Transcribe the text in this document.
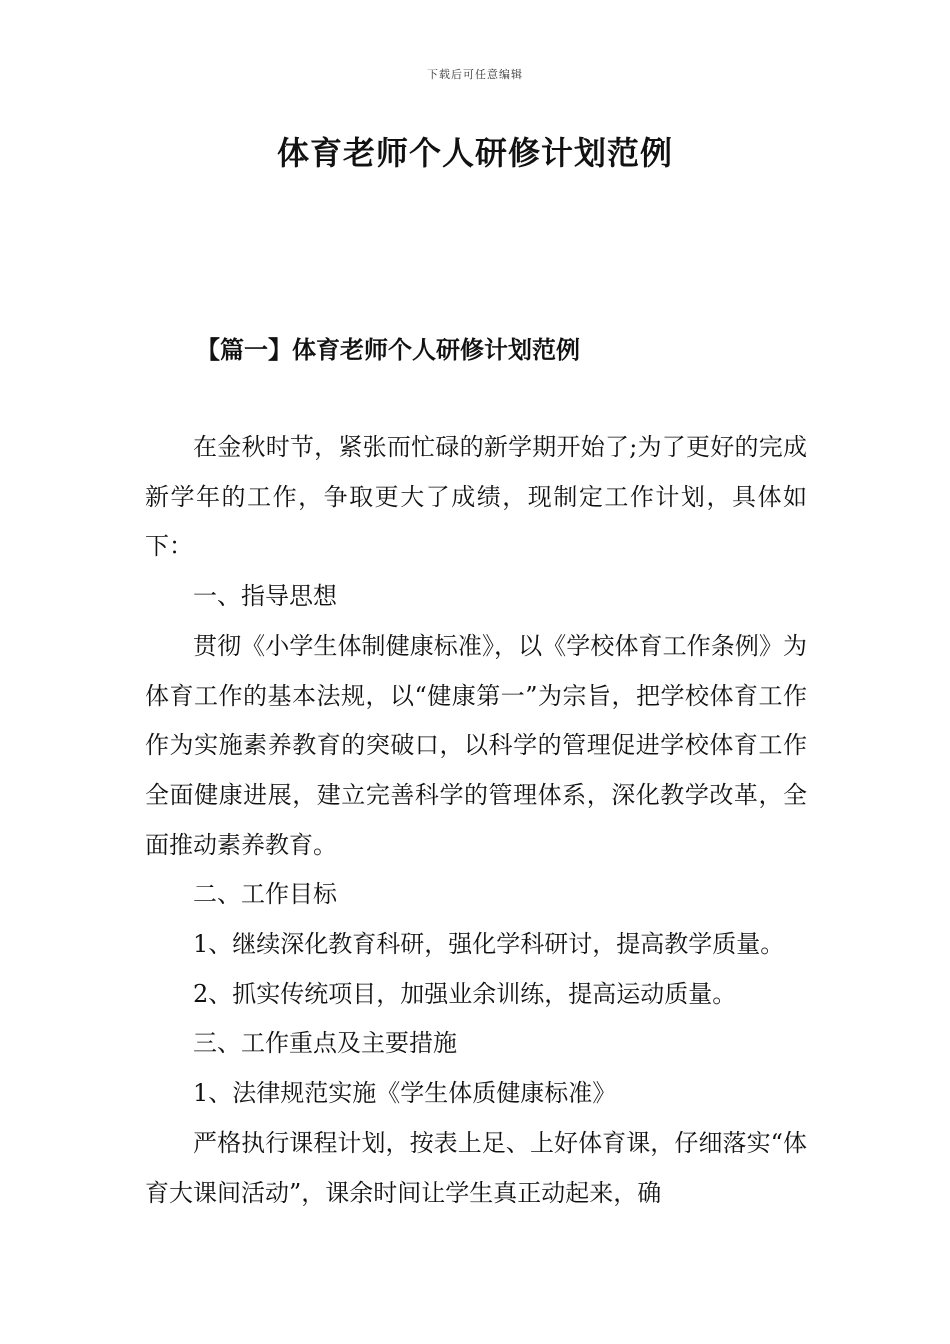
下载后可任意编辑
体育老师个人研修计划范例
【篇一】体育老师个人研修计划范例

在金秋时节，紧张而忙碌的新学期开始了;为了更好的完成新学年的工作，争取更大了成绩，现制定工作计划，具体如下：

一、指导思想

贯彻《小学生体制健康标准》，以《学校体育工作条例》为体育工作的基本法规，以“健康第一”为宗旨，把学校体育工作作为实施素养教育的突破口，以科学的管理促进学校体育工作全面健康进展，建立完善科学的管理体系，深化教学改革，全面推动素养教育。

二、工作目标

1、继续深化教育科研，强化学科研讨，提高教学质量。

2、抓实传统项目，加强业余训练，提高运动质量。

三、工作重点及主要措施

1、法律规范实施《学生体质健康标准》

严格执行课程计划，按表上足、上好体育课，仔细落实“体育大课间活动”，课余时间让学生真正动起来，确
